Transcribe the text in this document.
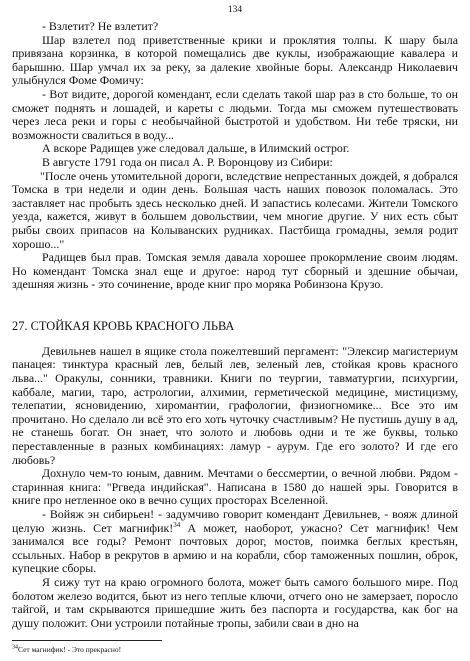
134

- Взлетит? Не взлетит?

Шар взлетел под приветственные крики и проклятия толпы. К шару была привязана корзинка, в которой помещались две куклы, изображающие кавалера и барышню. Шар умчал их за реку, за далекие хвойные боры. Александр Николаевич улыбнулся Фоме Фомичу:

- Вот видите, дорогой комендант, если сделать такой шар раз в сто больше, то он сможет поднять и лошадей, и кареты с людьми. Тогда мы сможем путешествовать через леса реки и горы с необычайной быстротой и удобством. Ни тебе тряски, ни возможности свалиться в воду...

А вскоре Радищев уже следовал дальше, в Илимский острог.

В августе 1791 года он писал А. Р. Воронцову из Сибири:

"После очень утомительной дороги, вследствие непрестанных дождей, я добрался Томска в три недели и один день. Большая часть наших повозок поломалась. Это заставляет нас пробыть здесь несколько дней. И запастись колесами. Жители Томского уезда, кажется, живут в большем довольствии, чем многие другие. У них есть сбыт рыбы своих припасов на Колыванских рудниках. Пастбища громадны, земля родит хорошо..."

Радищев был прав. Томская земля давала хорошее прокормление своим людям. Но комендант Томска знал еще и другое: народ тут сборный и здешние обычаи, здешняя жизнь - это сочинение, вроде книг про моряка Робинзона Крузо.

27. СТОЙКАЯ КРОВЬ КРАСНОГО ЛЬВА

Девильнев нашел в ящике стола пожелтевший пергамент: "Элексир магистериум панацея: тинктура красный лев, белый лев, зеленый лев, стойкая кровь красного льва..." Оракулы, сонники, травники. Книги по теургии, тавматургии, психургии, каббале, магии, таро, астрологии, алхимии, герметической медицине, мистицизму, телепатии, ясновидению, хиромантии, графологии, физиогномике... Все это им прочитано. Но сделало ли всё это его хоть чуточку счастливым? Не пустишь душу в ад, не станешь богат. Он знает, что золото и любовь одни и те же буквы, только переставленные в разных комбинациях: ламур - аурум. Где его золото? И где его любовь?

Дохнуло чем-то юным, давним. Мечтами о бессмертии, о вечной любви. Рядом - старинная книга: "Ргведа индийская". Написана в 1580 до нашей эры. Говорится в книге про нетленное око в вечно сущих просторах Вселенной.

- Войяж эн сибирьен! - задумчиво говорит комендант Девильнев, - вояж длиной целую жизнь. Сет магнифик!$^{34}$ А может, наоборот, ужасно? Сет магнифик! Чем занимался все годы? Ремонт почтовых дорог, мостов, поимка беглых крестьян, ссыльных. Набор в рекрутов в армию и на корабли, сбор таможенных пошлин, оброк, купецкие сборы.

Я сижу тут на краю огромного болота, может быть самого большого мире. Под болотом железо водится, бьют из него теплые ключи, отчего оно не замерзает, поросло тайгой, и там скрываются пришедшие жить без паспорта и государства, как бог на душу положит. Они устроили потайные тропы, забили сваи в дно на

$^{34}$Сет магнифик! - Это прекрасно!
